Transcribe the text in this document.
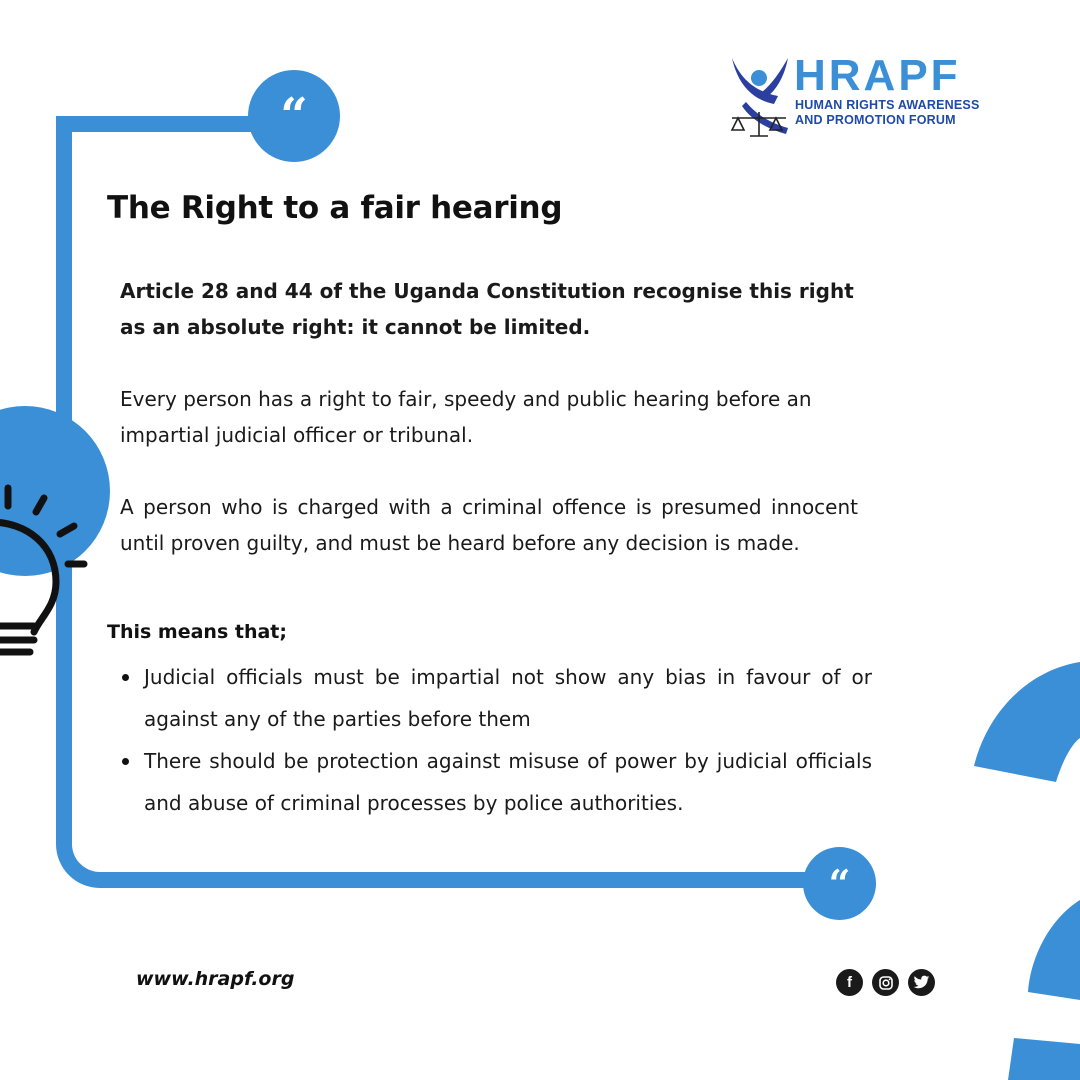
“
“
HRAPF
HUMAN RIGHTS AWARENESS
AND PROMOTION FORUM
The Right to a fair hearing

Article 28 and 44 of the Uganda Constitution recognise this right as an absolute right: it cannot be limited.

Every person has a right to fair, speedy and public hearing before an impartial judicial officer or tribunal.

A person who is charged with a criminal offence is presumed innocent until proven guilty, and must be heard before any decision is made.

This means that;

Judicial officials must be impartial not show any bias in favour of or against any of the parties before them
There should be protection against misuse of power by judicial officials and abuse of criminal processes by police authorities.
www.hrapf.org	f
